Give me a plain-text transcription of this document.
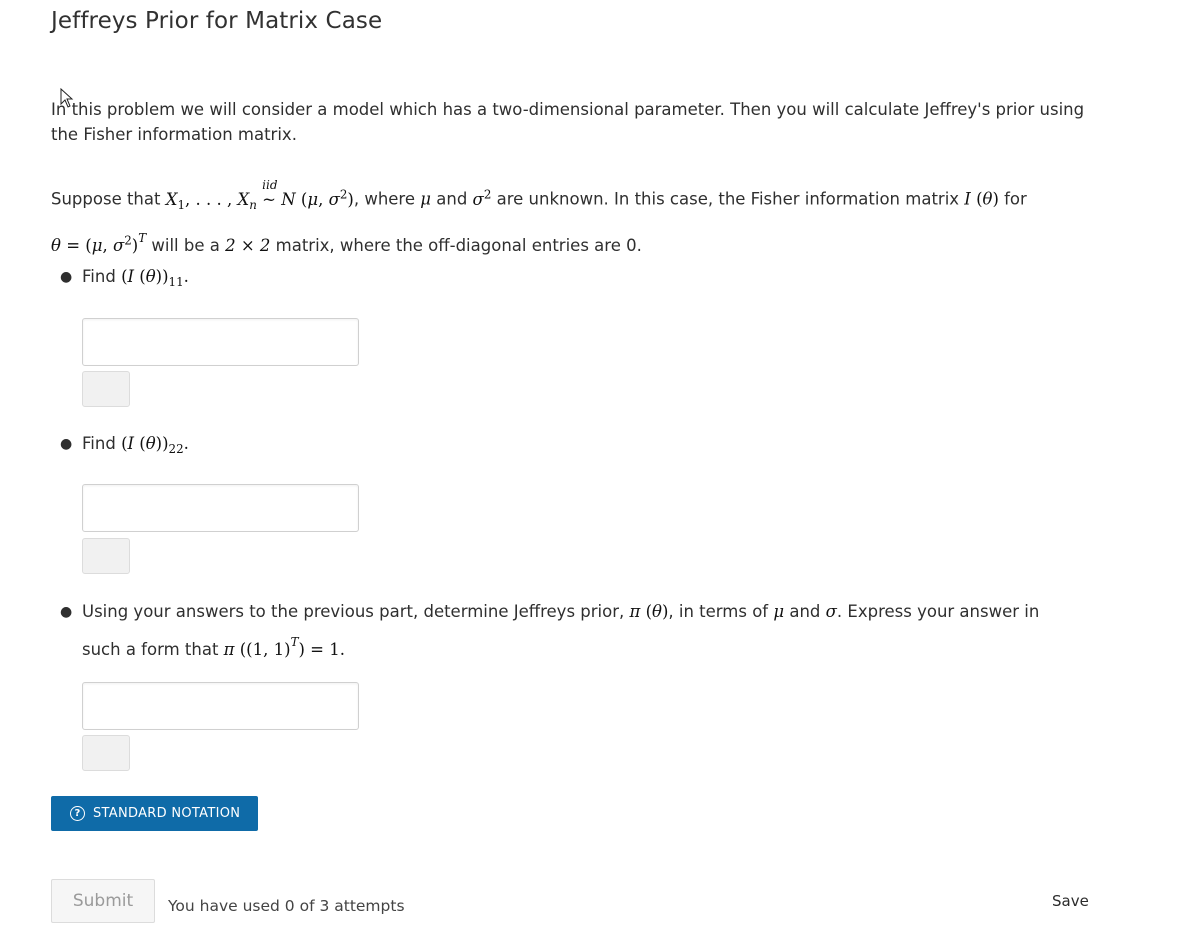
Jeffreys Prior for Matrix Case

In this problem we will consider a model which has a two-dimensional parameter. Then you will calculate Jeffrey's prior using the Fisher information matrix.

Suppose that $X_1$, . . . , $X_n$
iid
~ N (μ, $\sigma^2$), where μ and $\sigma^2$ are unknown. In this case, the Fisher information matrix I (θ) for
θ = (μ, $\sigma^2)^T$ will be a 2 × 2 matrix, where the off-diagonal entries are 0.

● Find (I $(\theta))_{11}$.
● Find (I $(\theta))_{22}$.
● Using your answers to the previous part, determine Jeffreys prior, π (θ), in terms of μ and σ. Express your answer in such a form that π ((1, 1)$^T$) = 1.
? STANDARD NOTATION
Submit You have used 0 of 3 attempts	Save
